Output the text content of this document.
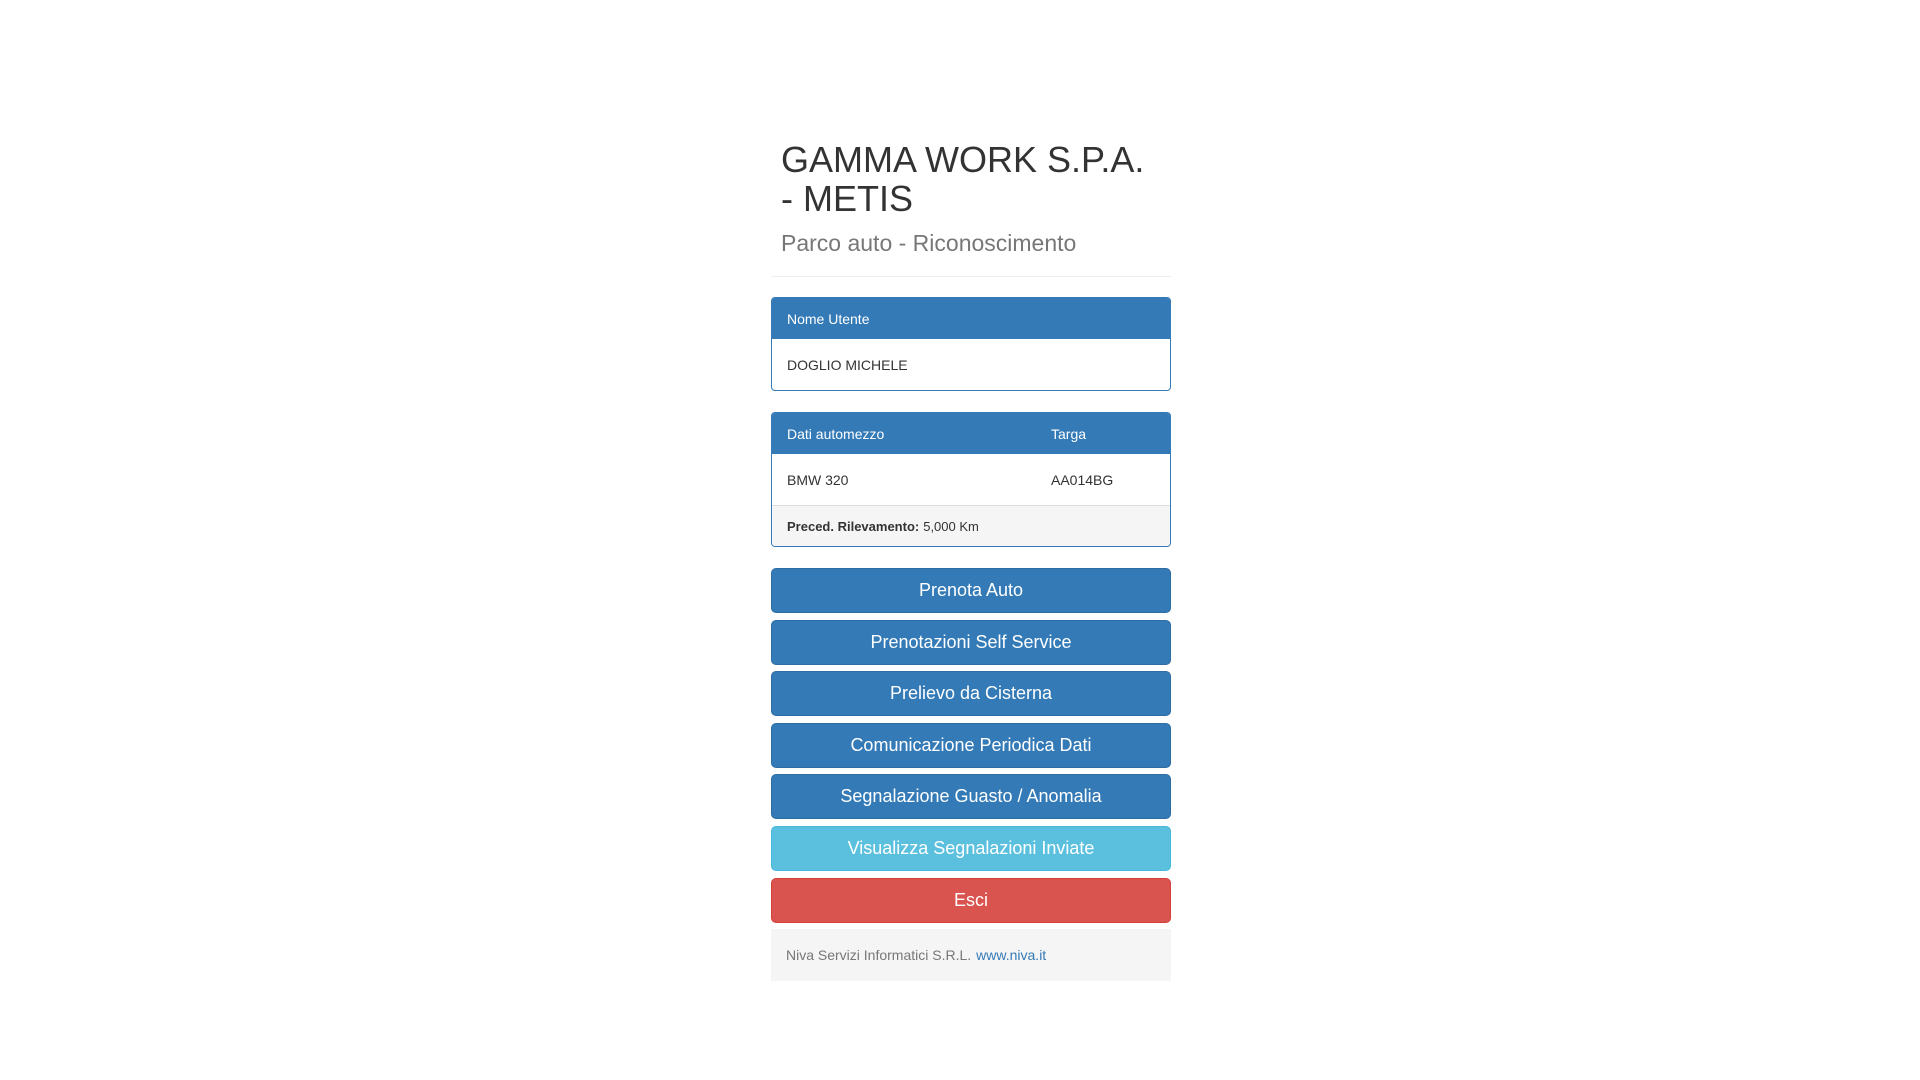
GAMMA WORK S.P.A.
- METIS
Parco auto - Riconoscimento
Nome Utente
DOGLIO MICHELE
Dati automezzo	Targa
BMW 320	AA014BG
Preced. Rilevamento: 5,000 Km
Prenota Auto
Prenotazioni Self Service
Prelievo da Cisterna
Comunicazione Periodica Dati
Segnalazione Guasto / Anomalia
Visualizza Segnalazioni Inviate
Esci
Niva Servizi Informatici S.R.L. www.niva.it
